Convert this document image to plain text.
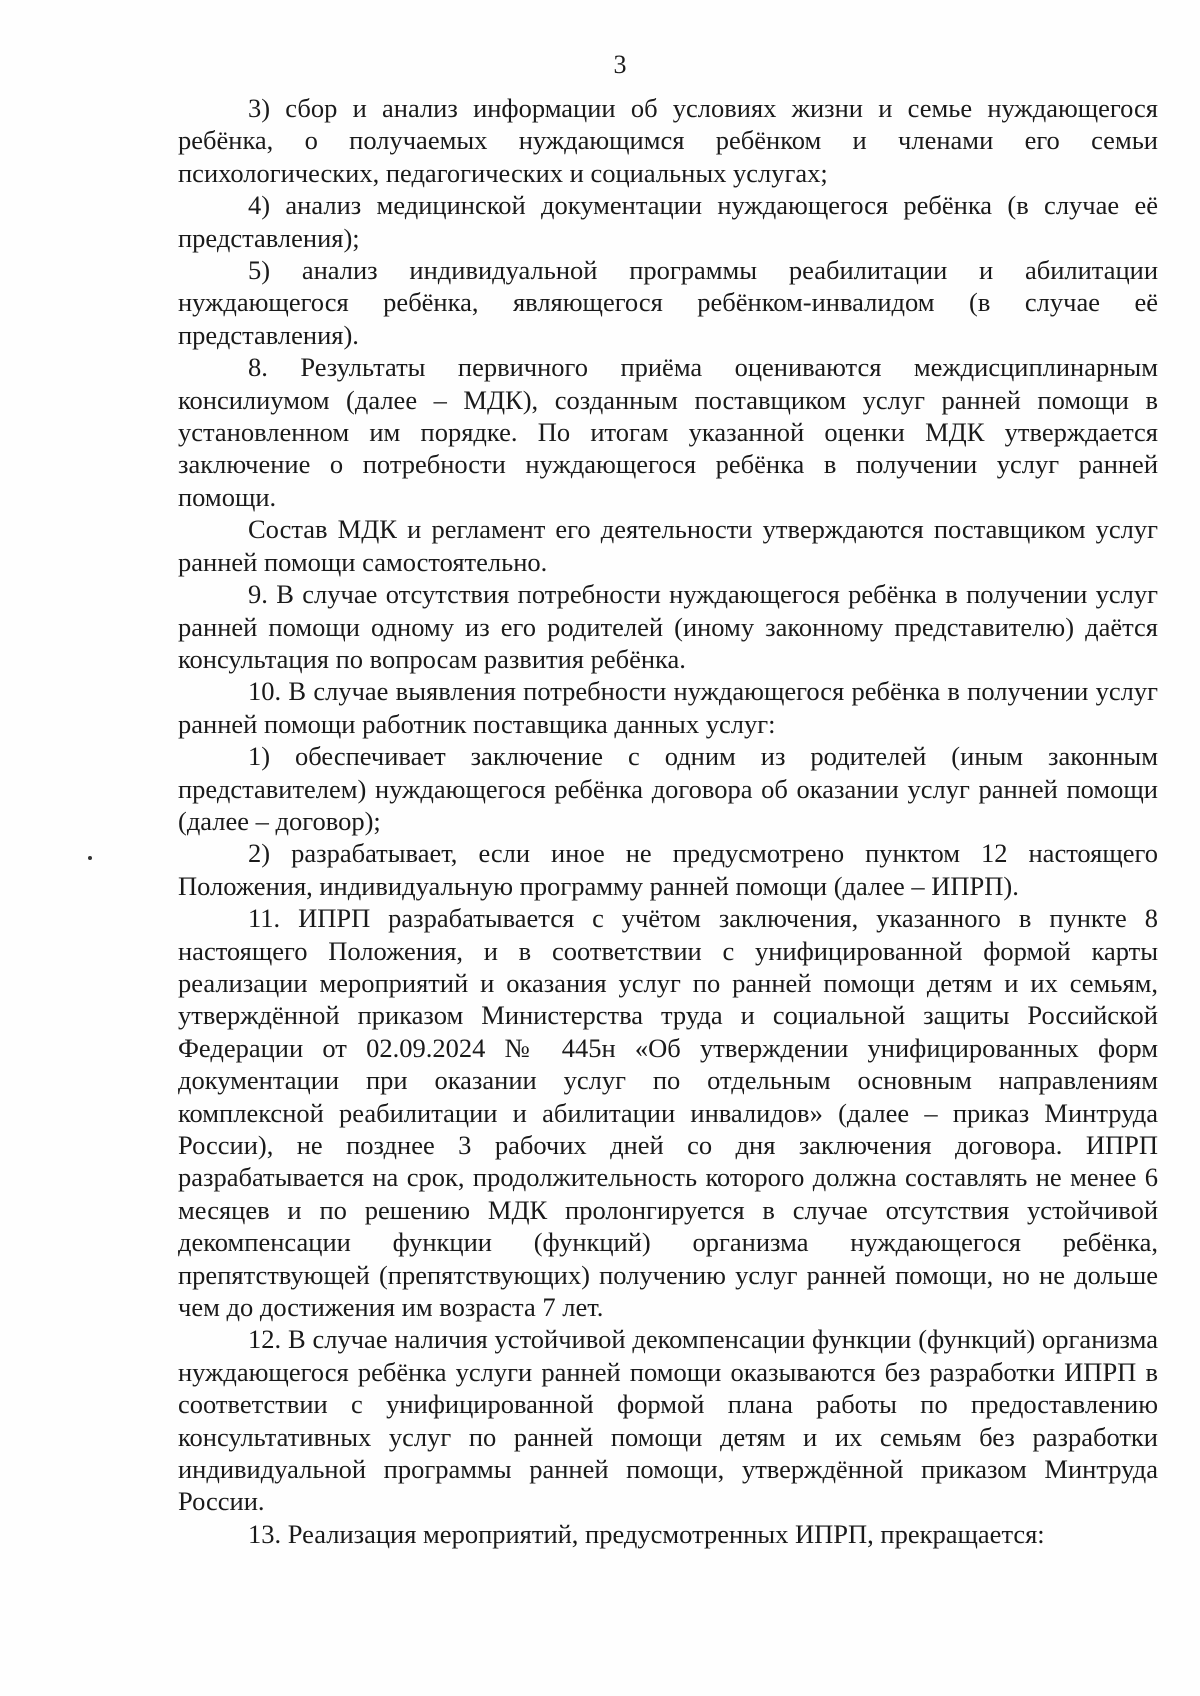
3

3) сбор и анализ информации об условиях жизни и семье нуждающегося ребёнка, о получаемых нуждающимся ребёнком и членами его семьи психологических, педагогических и социальных услугах;

4) анализ медицинской документации нуждающегося ребёнка (в случае её представления);

5) анализ индивидуальной программы реабилитации и абилитации нуждающегося ребёнка, являющегося ребёнком-инвалидом (в случае её представления).

8. Результаты первичного приёма оцениваются междисциплинарным консилиумом (далее – МДК), созданным поставщиком услуг ранней помощи в установленном им порядке. По итогам указанной оценки МДК утверждается заключение о потребности нуждающегося ребёнка в получении услуг ранней помощи.

Состав МДК и регламент его деятельности утверждаются поставщиком услуг ранней помощи самостоятельно.

9. В случае отсутствия потребности нуждающегося ребёнка в получении услуг ранней помощи одному из его родителей (иному законному представителю) даётся консультация по вопросам развития ребёнка.

10. В случае выявления потребности нуждающегося ребёнка в получении услуг ранней помощи работник поставщика данных услуг:

1) обеспечивает заключение с одним из родителей (иным законным представителем) нуждающегося ребёнка договора об оказании услуг ранней помощи (далее – договор);

2) разрабатывает, если иное не предусмотрено пунктом 12 настоящего Положения, индивидуальную программу ранней помощи (далее – ИПРП).

11. ИПРП разрабатывается с учётом заключения, указанного в пункте 8 настоящего Положения, и в соответствии с унифицированной формой карты реализации мероприятий и оказания услуг по ранней помощи детям и их семьям, утверждённой приказом Министерства труда и социальной защиты Российской Федерации от 02.09.2024 № 445н «Об утверждении унифицированных форм документации при оказании услуг по отдельным основным направлениям комплексной реабилитации и абилитации инвалидов» (далее – приказ Минтруда России), не позднее 3 рабочих дней со дня заключения договора. ИПРП разрабатывается на срок, продолжительность которого должна составлять не менее 6 месяцев и по решению МДК пролонгируется в случае отсутствия устойчивой декомпенсации функции (функций) организма нуждающегося ребёнка, препятствующей (препятствующих) получению услуг ранней помощи, но не дольше чем до достижения им возраста 7 лет.

12. В случае наличия устойчивой декомпенсации функции (функций) организма нуждающегося ребёнка услуги ранней помощи оказываются без разработки ИПРП в соответствии с унифицированной формой плана работы по предоставлению консультативных услуг по ранней помощи детям и их семьям без разработки индивидуальной программы ранней помощи, утверждённой приказом Минтруда России.

13. Реализация мероприятий, предусмотренных ИПРП, прекращается:
